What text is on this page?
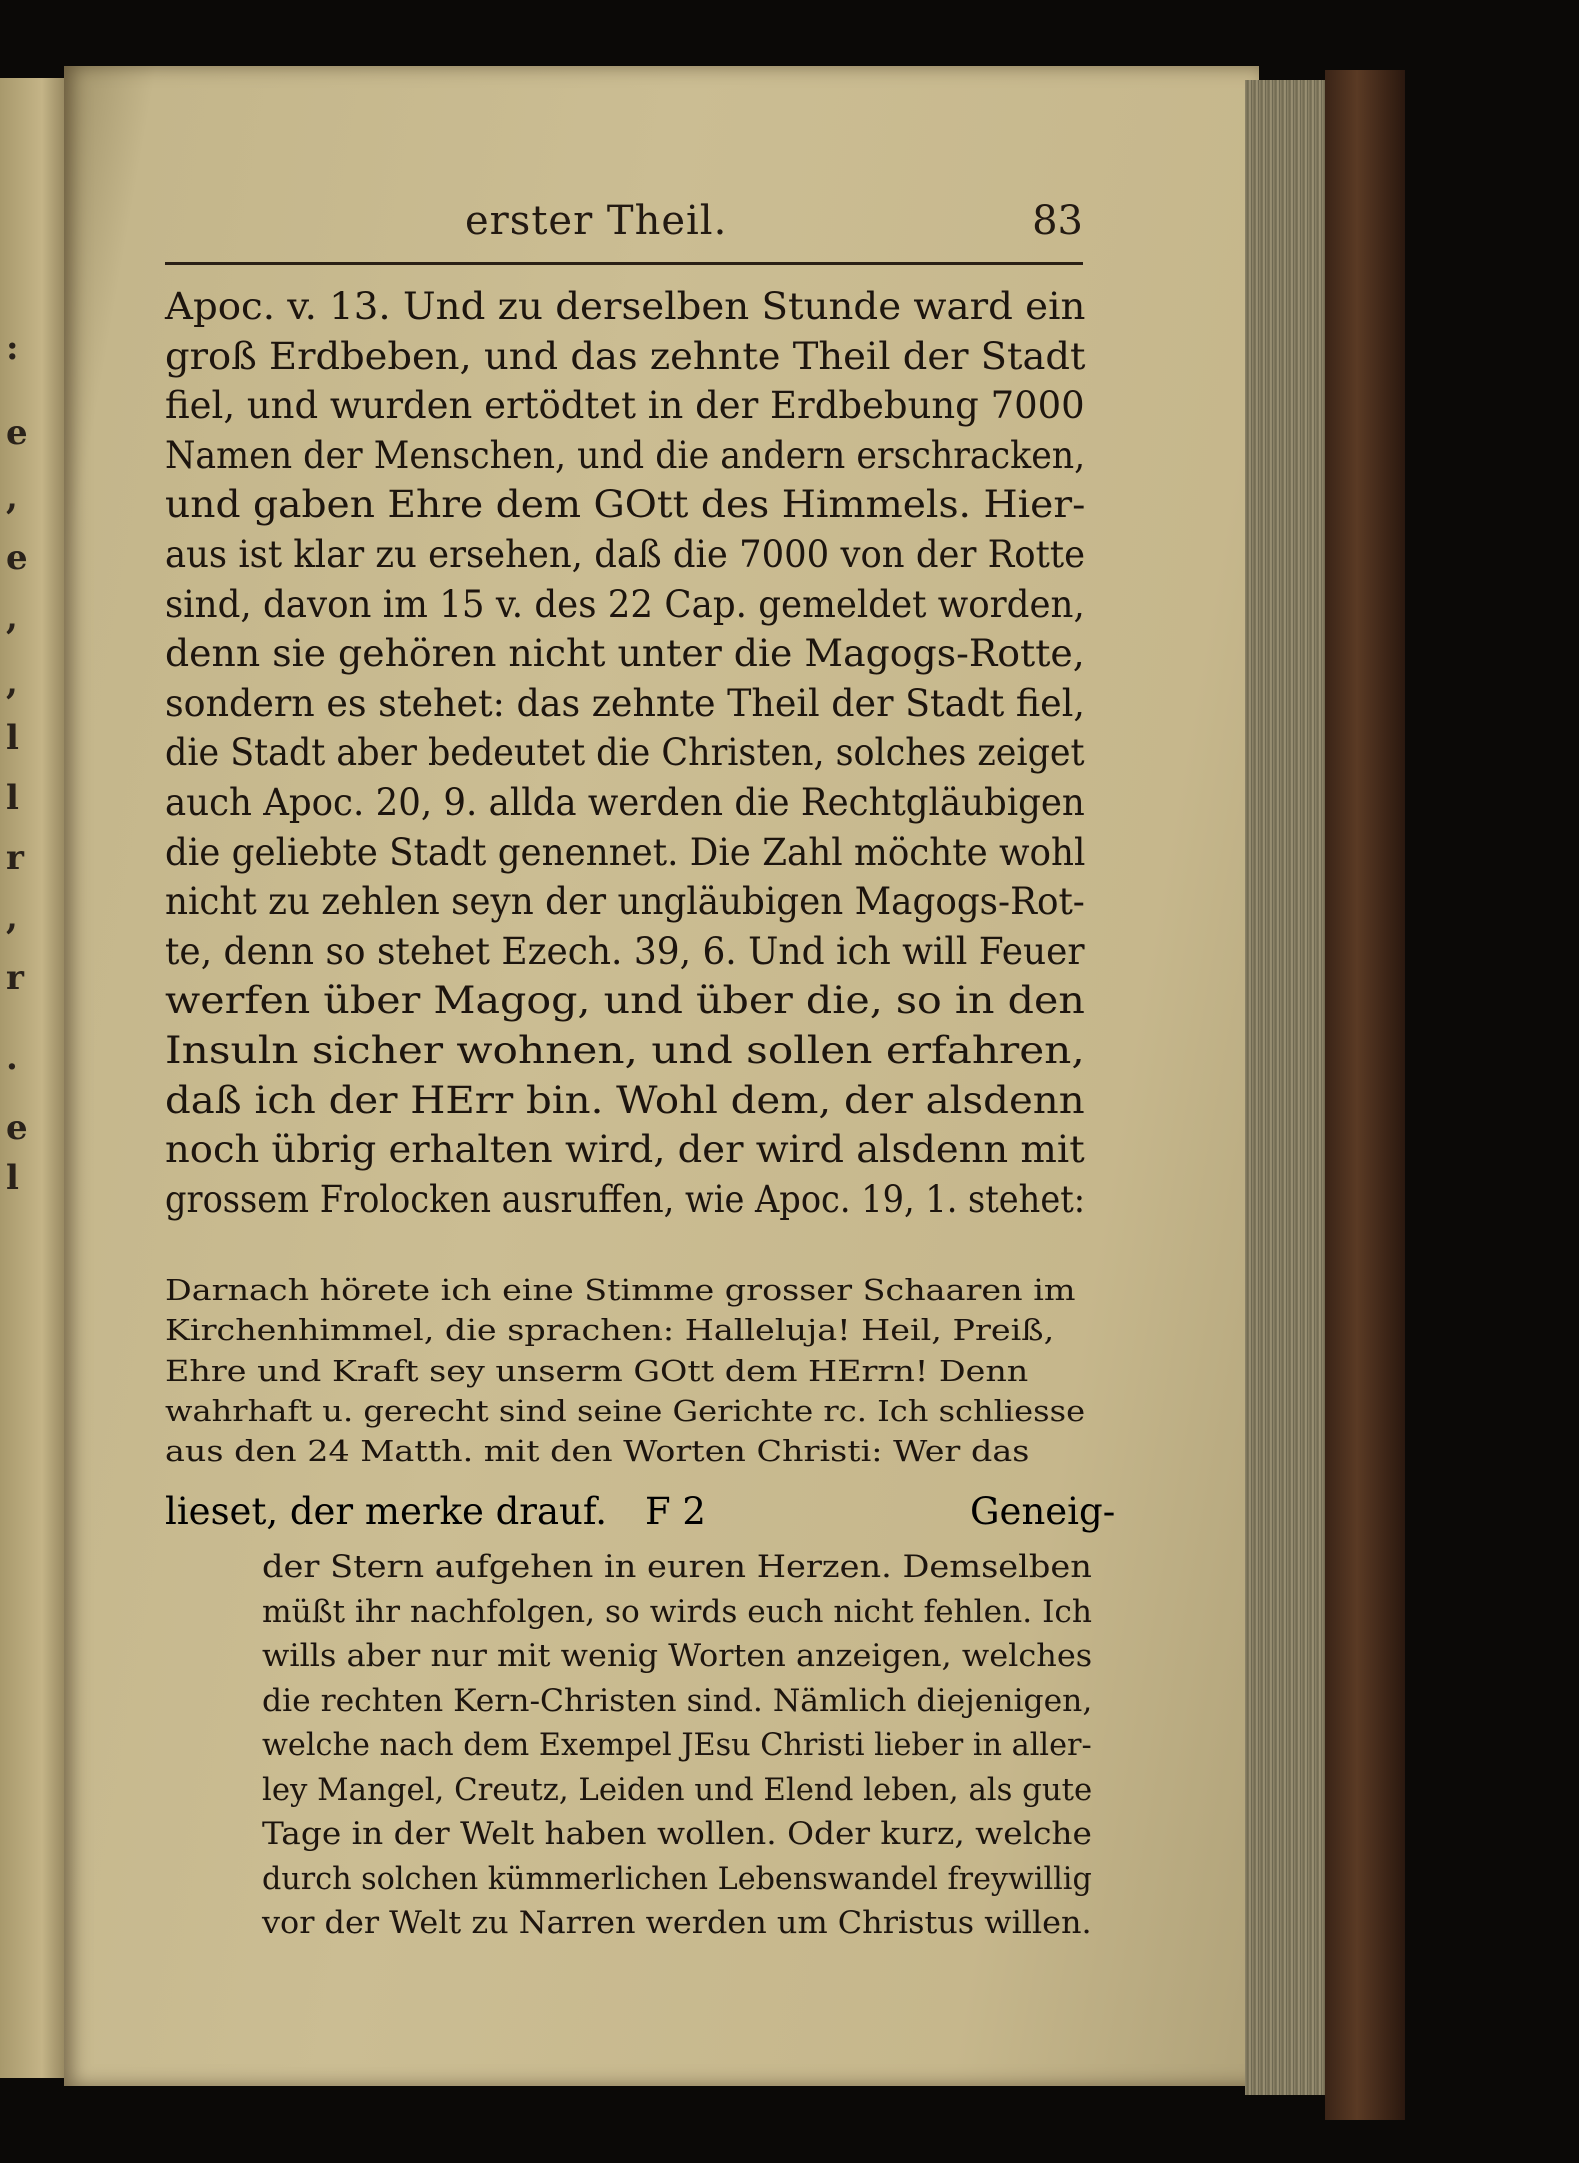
:
e
,
e
,
,
l
l
r
,
r
.
e
l
erster Theil.	83
Apoc. v. 13. Und zu derselben Stunde ward ein
groß Erdbeben, und das zehnte Theil der Stadt
fiel, und wurden ertödtet in der Erdbebung 7000
Namen der Menschen, und die andern erschracken,
und gaben Ehre dem GOtt des Himmels. Hier-
aus ist klar zu ersehen, daß die 7000 von der Rotte
sind, davon im 15 v. des 22 Cap. gemeldet worden,
denn sie gehören nicht unter die Magogs-Rotte,
sondern es stehet: das zehnte Theil der Stadt fiel,
die Stadt aber bedeutet die Christen, solches zeiget
auch Apoc. 20, 9. allda werden die Rechtgläubigen
die geliebte Stadt genennet. Die Zahl möchte wohl
nicht zu zehlen seyn der ungläubigen Magogs-Rot-
te, denn so stehet Ezech. 39, 6. Und ich will Feuer
werfen über Magog, und über die, so in den
Insuln sicher wohnen, und sollen erfahren,
daß ich der HErr bin. Wohl dem, der alsdenn
noch übrig erhalten wird, der wird alsdenn mit
grossem Frolocken ausruffen, wie Apoc. 19, 1. stehet:
Darnach hörete ich eine Stimme grosser Schaaren im
Kirchenhimmel, die sprachen: Halleluja! Heil, Preiß,
Ehre und Kraft sey unserm GOtt dem HErrn! Denn
wahrhaft u. gerecht sind seine Gerichte rc. Ich schliesse
aus den 24 Matth. mit den Worten Christi: Wer das
lieset, der merke drauf. F 2	Geneig-
der Stern aufgehen in euren Herzen. Demselben
müßt ihr nachfolgen, so wirds euch nicht fehlen. Ich
wills aber nur mit wenig Worten anzeigen, welches
die rechten Kern-Christen sind. Nämlich diejenigen,
welche nach dem Exempel JEsu Christi lieber in aller-
ley Mangel, Creutz, Leiden und Elend leben, als gute
Tage in der Welt haben wollen. Oder kurz, welche
durch solchen kümmerlichen Lebenswandel freywillig
vor der Welt zu Narren werden um Christus willen.
